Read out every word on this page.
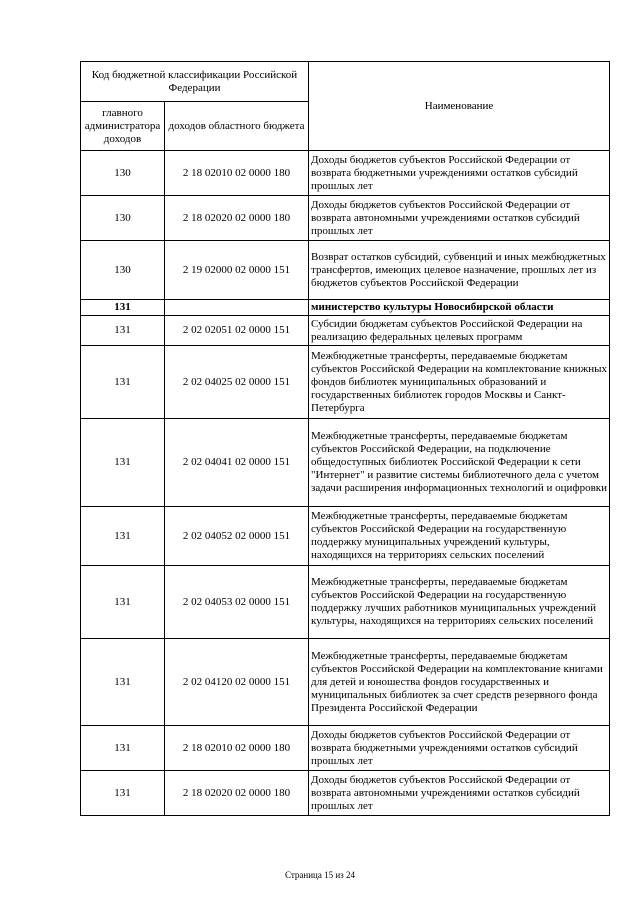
Код бюджетной классификации Российской Федерации		Наименование
главного администратора доходов	доходов областного бюджета	
130	2 18 02010 02 0000 180	Доходы бюджетов субъектов Российской Федерации от возврата бюджетными учреждениями остатков субсидий прошлых лет
130	2 18 02020 02 0000 180	Доходы бюджетов субъектов Российской Федерации от возврата автономными учреждениями остатков субсидий прошлых лет
130	2 19 02000 02 0000 151	Возврат остатков субсидий, субвенций и иных межбюджетных трансфертов, имеющих целевое назначение, прошлых лет из бюджетов субъектов Российской Федерации
131		министерство культуры Новосибирской области
131	2 02 02051 02 0000 151	Субсидии бюджетам субъектов Российской Федерации на реализацию федеральных целевых программ
131	2 02 04025 02 0000 151	Межбюджетные трансферты, передаваемые бюджетам субъектов Российской Федерации на комплектование книжных фондов библиотек муниципальных образований и государственных библиотек городов Москвы и Санкт-Петербурга
131	2 02 04041 02 0000 151	Межбюджетные трансферты, передаваемые бюджетам субъектов Российской Федерации, на подключение общедоступных библиотек Российской Федерации к сети "Интернет" и развитие системы библиотечного дела с учетом задачи расширения информационных технологий и оцифровки
131	2 02 04052 02 0000 151	Межбюджетные трансферты, передаваемые бюджетам субъектов Российской Федерации на государственную поддержку муниципальных учреждений культуры, находящихся на территориях сельских поселений
131	2 02 04053 02 0000 151	Межбюджетные трансферты, передаваемые бюджетам субъектов Российской Федерации на государственную поддержку лучших работников муниципальных учреждений культуры, находящихся на территориях сельских поселений
131	2 02 04120 02 0000 151	Межбюджетные трансферты, передаваемые бюджетам субъектов Российской Федерации на комплектование книгами для детей и юношества фондов государственных и муниципальных библиотек за счет средств резервного фонда Президента Российской Федерации
131	2 18 02010 02 0000 180	Доходы бюджетов субъектов Российской Федерации от возврата бюджетными учреждениями остатков субсидий прошлых лет
131	2 18 02020 02 0000 180	Доходы бюджетов субъектов Российской Федерации от возврата автономными учреждениями остатков субсидий прошлых лет
Страница 15 из 24
